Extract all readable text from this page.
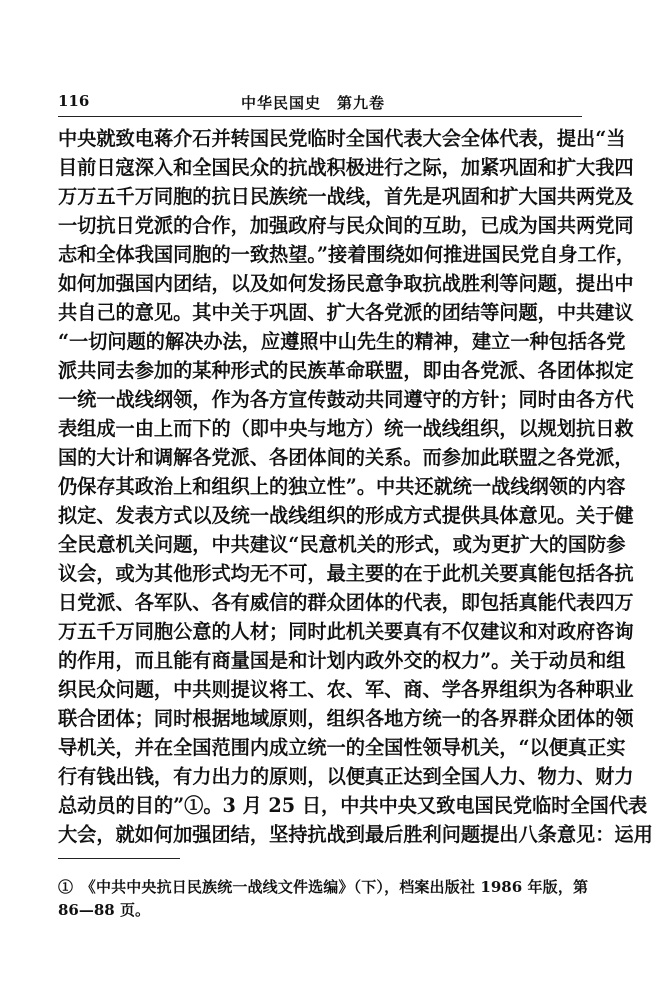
116	中华民国史　第九卷
中央就致电蒋介石并转国民党临时全国代表大会全体代表，提出“当
目前日寇深入和全国民众的抗战积极进行之际，加紧巩固和扩大我四
万万五千万同胞的抗日民族统一战线，首先是巩固和扩大国共两党及
一切抗日党派的合作，加强政府与民众间的互助，已成为国共两党同
志和全体我国同胞的一致热望。”接着围绕如何推进国民党自身工作，
如何加强国内团结，以及如何发扬民意争取抗战胜利等问题，提出中
共自己的意见。其中关于巩固、扩大各党派的团结等问题，中共建议
“一切问题的解决办法，应遵照中山先生的精神，建立一种包括各党
派共同去参加的某种形式的民族革命联盟，即由各党派、各团体拟定
一统一战线纲领，作为各方宣传鼓动共同遵守的方针；同时由各方代
表组成一由上而下的（即中央与地方）统一战线组织，以规划抗日救
国的大计和调解各党派、各团体间的关系。而参加此联盟之各党派，
仍保存其政治上和组织上的独立性”。中共还就统一战线纲领的内容
拟定、发表方式以及统一战线组织的形成方式提供具体意见。关于健
全民意机关问题，中共建议“民意机关的形式，或为更扩大的国防参
议会，或为其他形式均无不可，最主要的在于此机关要真能包括各抗
日党派、各军队、各有威信的群众团体的代表，即包括真能代表四万
万五千万同胞公意的人材；同时此机关要真有不仅建议和对政府咨询
的作用，而且能有商量国是和计划内政外交的权力”。关于动员和组
织民众问题，中共则提议将工、农、军、商、学各界组织为各种职业
联合团体；同时根据地域原则，组织各地方统一的各界群众团体的领
导机关，并在全国范围内成立统一的全国性领导机关，“以便真正实
行有钱出钱，有力出力的原则，以便真正达到全国人力、物力、财力
总动员的目的”①。3 月 25 日，中共中央又致电国民党临时全国代表
大会，就如何加强团结，坚持抗战到最后胜利问题提出八条意见：运用
①　《中共中央抗日民族统一战线文件选编》（下），档案出版社 1986 年版，第
86—88 页。
